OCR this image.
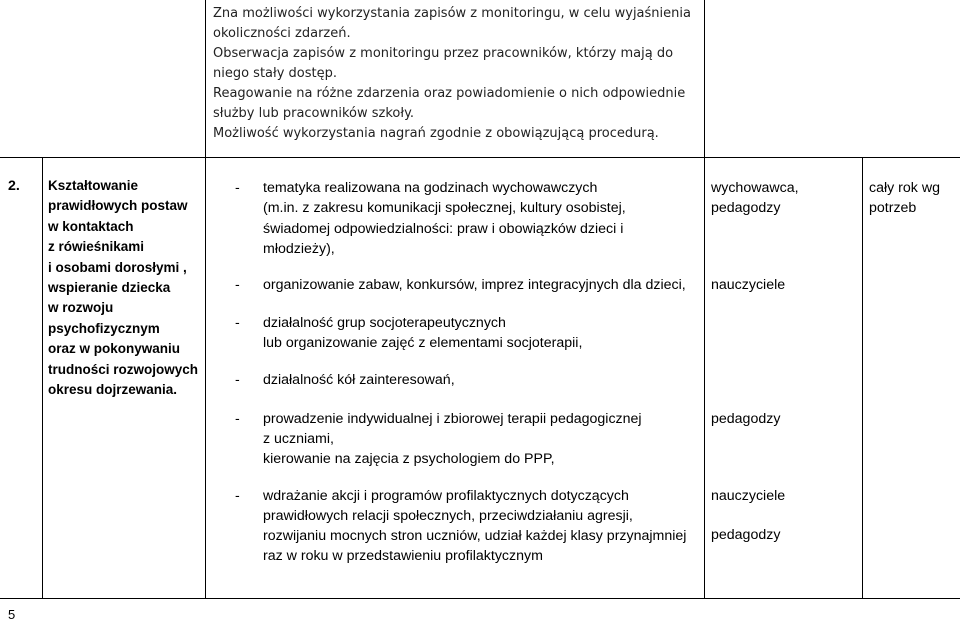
Zna możliwości wykorzystania zapisów z monitoringu, w celu wyjaśnienia
okoliczności zdarzeń.
Obserwacja zapisów z monitoringu przez pracowników, którzy mają do
niego stały dostęp.
Reagowanie na różne zdarzenia oraz powiadomienie o nich odpowiednie
służby lub pracowników szkoły.
Możliwość wykorzystania nagrań zgodnie z obowiązującą procedurą.
2. Kształtowanie
prawidłowych postaw
w kontaktach
z rówieśnikami
i osobami dorosłymi ,
wspieranie dziecka
w rozwoju
psychofizycznym
oraz w pokonywaniu
trudności rozwojowych
okresu dojrzewania.
- tematyka realizowana na godzinach wychowawczych
(m.in. z zakresu komunikacji społecznej, kultury osobistej,
świadomej odpowiedzialności: praw i obowiązków dzieci i
młodzieży),
- organizowanie zabaw, konkursów, imprez integracyjnych dla dzieci,
- działalność grup socjoterapeutycznych
lub organizowanie zajęć z elementami socjoterapii,
- działalność kół zainteresowań,
- prowadzenie indywidualnej i zbiorowej terapii pedagogicznej
z uczniami,
kierowanie na zajęcia z psychologiem do PPP,
- wdrażanie akcji i programów profilaktycznych dotyczących
prawidłowych relacji społecznych, przeciwdziałaniu agresji,
rozwijaniu mocnych stron uczniów, udział każdej klasy przynajmniej
raz w roku w przedstawieniu profilaktycznym
wychowawca,
pedagodzy
nauczyciele
pedagodzy
nauczyciele
pedagodzy
cały rok wg
potrzeb
5
